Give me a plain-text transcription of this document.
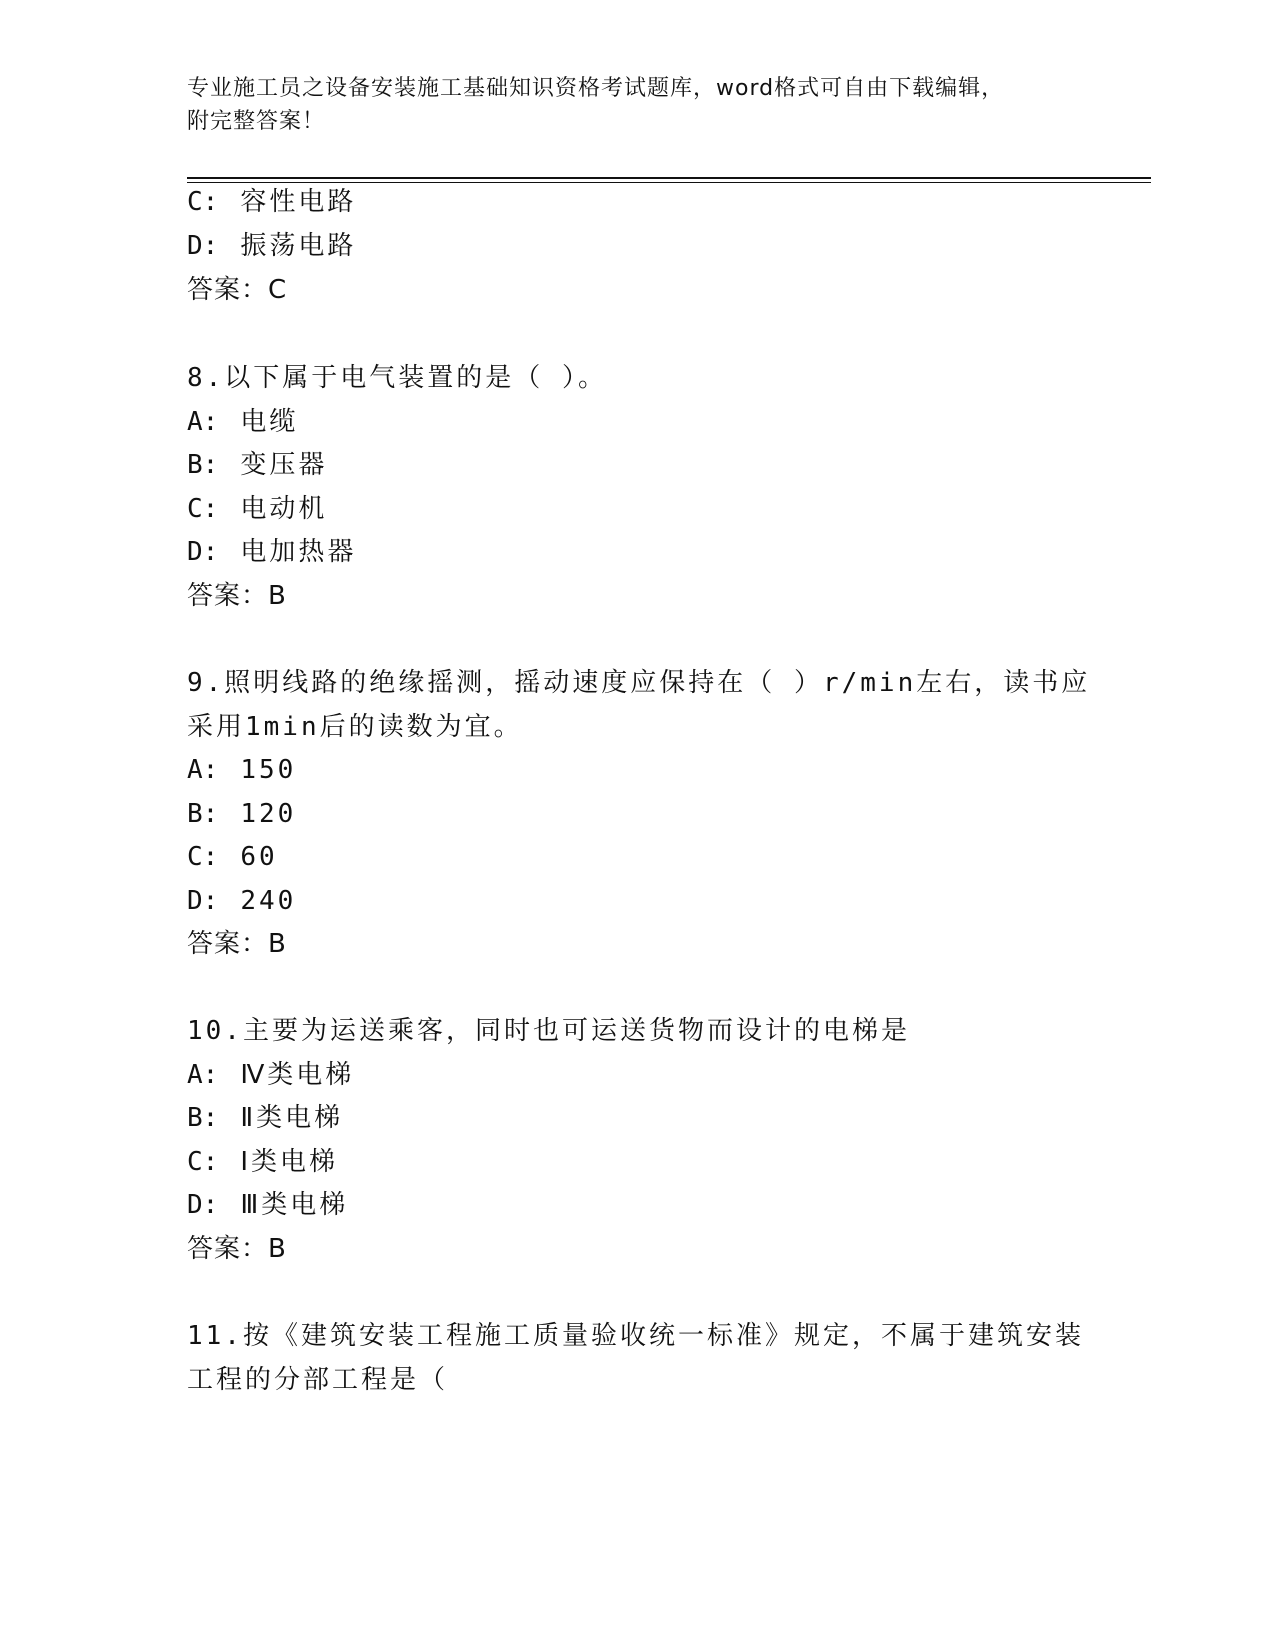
专业施工员之设备安装施工基础知识资格考试题库，word格式可自由下载编辑，
附完整答案！
C: 容性电路
D: 振荡电路
答案：C
8.以下属于电气装置的是（ ）。
A: 电缆
B: 变压器
C: 电动机
D: 电加热器
答案：B
9.照明线路的绝缘摇测，摇动速度应保持在（ ）r/min左右，读书应
采用1min后的读数为宜。
A: 150
B: 120
C: 60
D: 240
答案：B
10.主要为运送乘客，同时也可运送货物而设计的电梯是
A: Ⅳ类电梯
B: Ⅱ类电梯
C: Ⅰ类电梯
D: Ⅲ类电梯
答案：B
11.按《建筑安装工程施工质量验收统一标准》规定，不属于建筑安装
工程的分部工程是（
